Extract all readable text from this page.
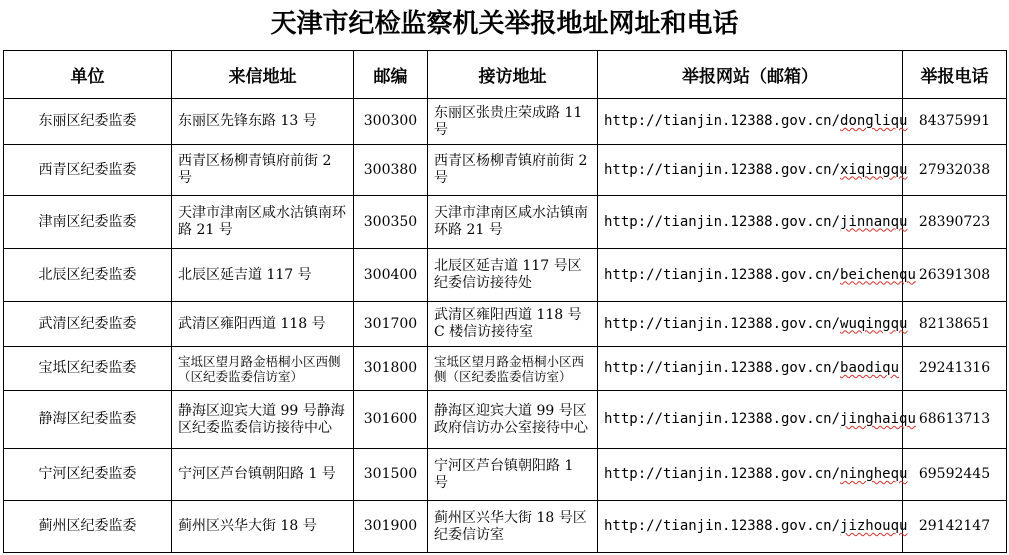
天津市纪检监察机关举报地址网址和电话
单位	来信地址	邮编	接访地址	举报网站（邮箱）	举报电话
东丽区纪委监委	东丽区先锋东路 13 号	300300	东丽区张贵庄荣成路 11 号	http://tianjin.12388.gov.cn/dongliqu	84375991
西青区纪委监委	西青区杨柳青镇府前街 2 号	300380	西青区杨柳青镇府前街 2 号	http://tianjin.12388.gov.cn/xiqingqu	27932038
津南区纪委监委	天津市津南区咸水沽镇南环路 21 号	300350	天津市津南区咸水沽镇南环路 21 号	http://tianjin.12388.gov.cn/jinnanqu	28390723
北辰区纪委监委	北辰区延吉道 117 号	300400	北辰区延吉道 117 号区纪委信访接待处	http://tianjin.12388.gov.cn/beichenqu	26391308
武清区纪委监委	武清区雍阳西道 118 号	301700	武清区雍阳西道 118 号 C 楼信访接待室	http://tianjin.12388.gov.cn/wuqingqu	82138651
宝坻区纪委监委	宝坻区望月路金梧桐小区西侧（区纪委监委信访室）	301800	宝坻区望月路金梧桐小区西侧（区纪委监委信访室）	http://tianjin.12388.gov.cn/baodiqu	29241316
静海区纪委监委	静海区迎宾大道 99 号静海区纪委监委信访接待中心	301600	静海区迎宾大道 99 号区政府信访办公室接待中心	http://tianjin.12388.gov.cn/jinghaiqu	68613713
宁河区纪委监委	宁河区芦台镇朝阳路 1 号	301500	宁河区芦台镇朝阳路 1 号	http://tianjin.12388.gov.cn/ninghequ	69592445
蓟州区纪委监委	蓟州区兴华大街 18 号	301900	蓟州区兴华大街 18 号区纪委信访室	http://tianjin.12388.gov.cn/jizhouqu	29142147
